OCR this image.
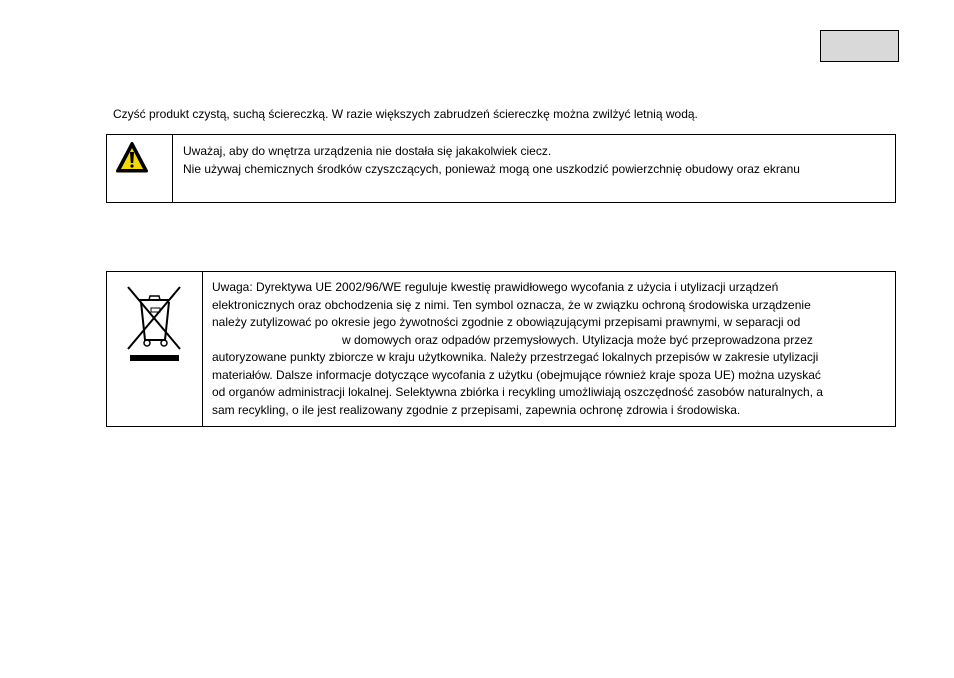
Czyść produkt czystą, suchą ściereczką. W razie większych zabrudzeń ściereczkę można zwilżyć letnią wodą.

Uważaj, aby do wnętrza urządzenia nie dostała się jakakolwiek ciecz.

Nie używaj chemicznych środków czyszczących, ponieważ mogą one uszkodzić powierzchnię obudowy oraz ekranu

Uwaga: Dyrektywa UE 2002/96/WE reguluje kwestię prawidłowego wycofania z użycia i utylizacji urządzeń

elektronicznych oraz obchodzenia się z nimi. Ten symbol oznacza, że w związku ochroną środowiska urządzenie

należy zutylizować po okresie jego żywotności zgodnie z obowiązującymi przepisami prawnymi, w separacji od

w domowych oraz odpadów przemysłowych. Utylizacja może być przeprowadzona przez

autoryzowane punkty zbiorcze w kraju użytkownika. Należy przestrzegać lokalnych przepisów w zakresie utylizacji

materiałów. Dalsze informacje dotyczące wycofania z użytku (obejmujące również kraje spoza UE) można uzyskać

od organów administracji lokalnej. Selektywna zbiórka i recykling umożliwiają oszczędność zasobów naturalnych, a

sam recykling, o ile jest realizowany zgodnie z przepisami, zapewnia ochronę zdrowia i środowiska.
